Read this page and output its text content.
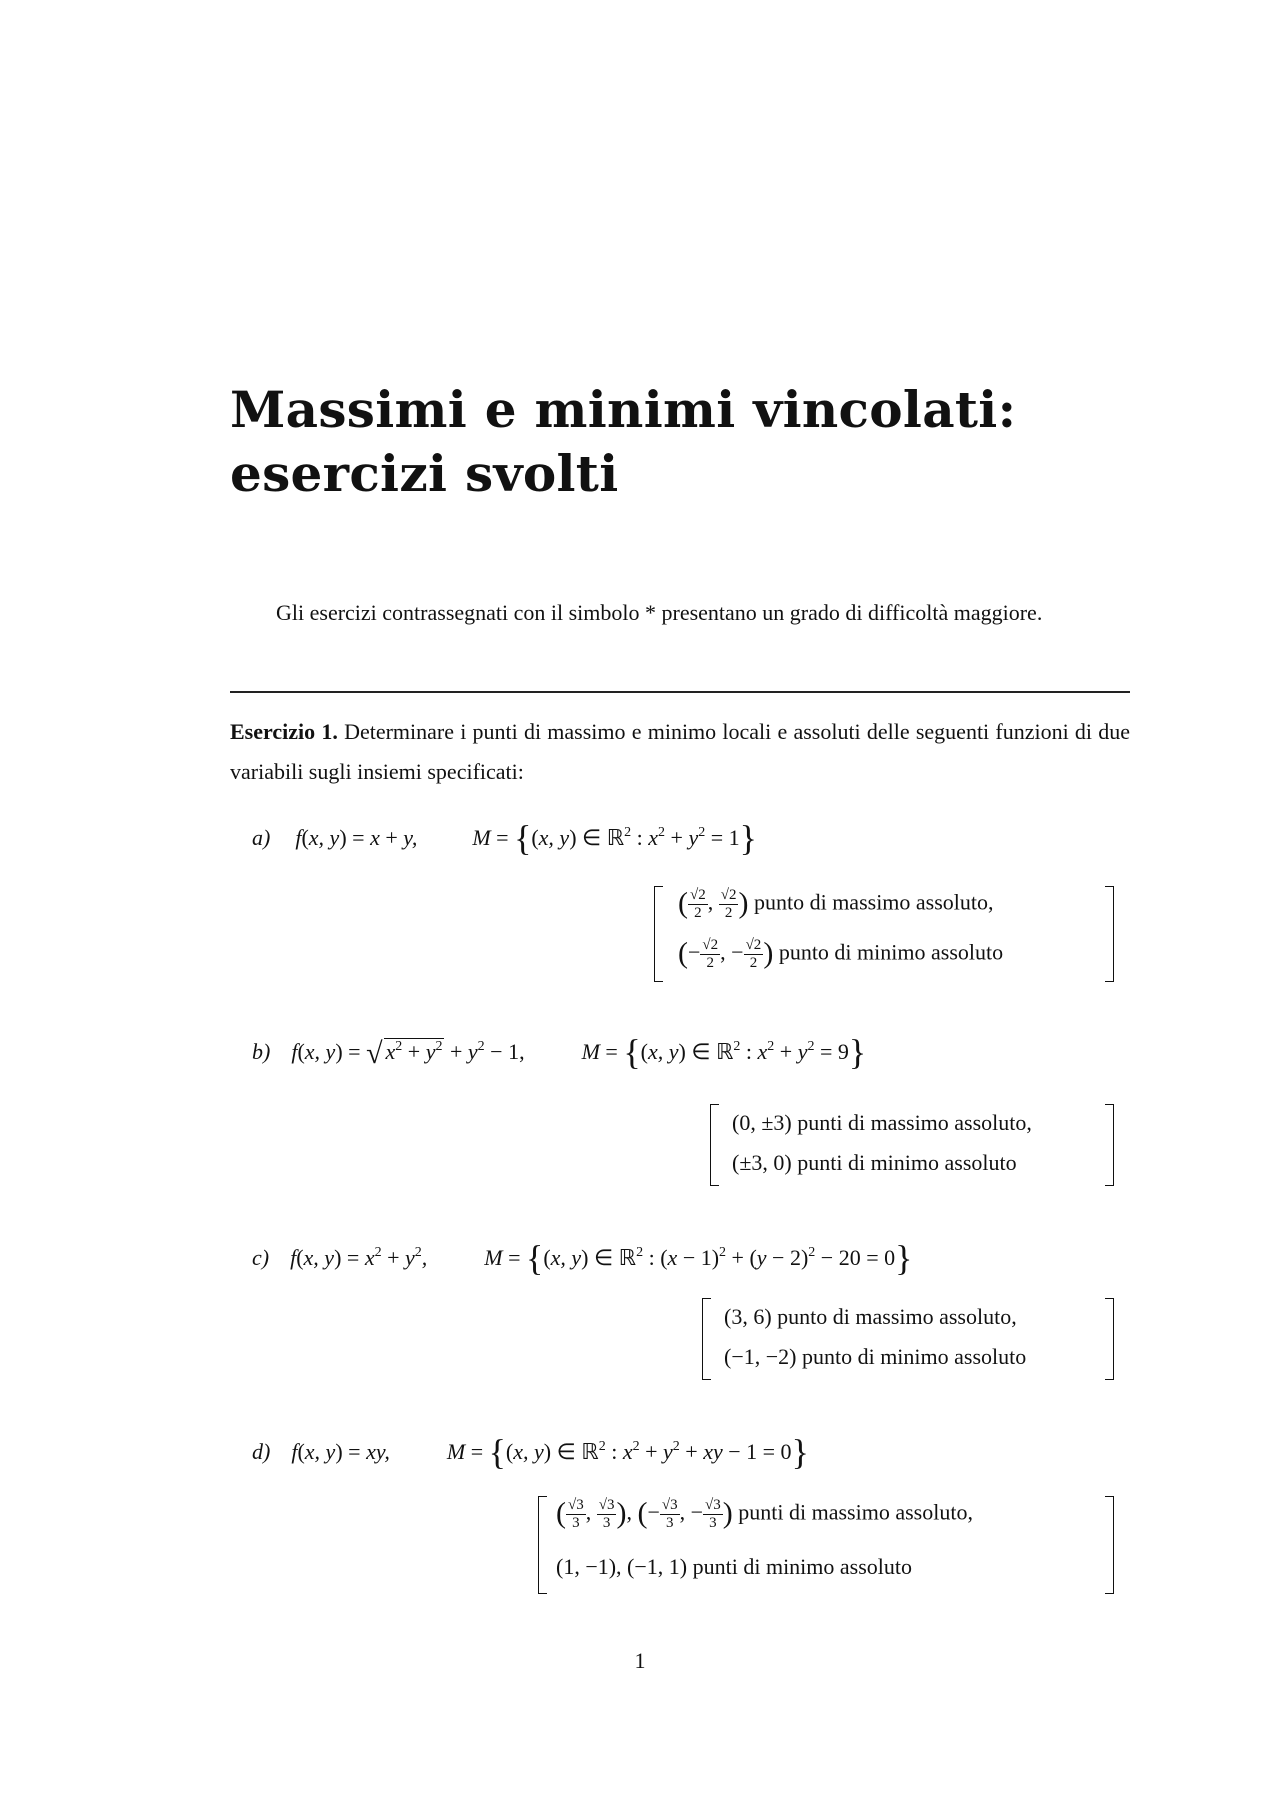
Massimi e minimi vincolati:
esercizi svolti
Gli esercizi contrassegnati con il simbolo * presentano un grado di difficoltà maggiore.
Esercizio 1. Determinare i punti di massimo e minimo locali e assoluti delle seguenti funzioni di due variabili sugli insiemi specificati:
a) f(x, y) = x + y,	M = {(x, y) ∈ ℝ$^2$ : $x^2 + y^2 = 1$}
( $\frac{√2}{2}$ , $\frac{√2}{2}$ ) punto di massimo assoluto,
(− $\frac{√2}{2}$ , − $\frac{√2}{2}$ ) punto di minimo assoluto
b) f(x, y) = √ $x^2 + y^2 + y^2 - 1$,	M = {(x, y) ∈ ℝ$^2$ : $x^2 + y^2 = 9$}
(0, ±3) punti di massimo assoluto,
(±3, 0) punti di minimo assoluto
c) f(x, $y) = x^2 + y^2$,	M = {(x, y) ∈ ℝ$^2$ : $(x - 1)^2 + (y - 2)^2 - 20 = 0$}
(3, 6) punto di massimo assoluto,
(−1, −2) punto di minimo assoluto
d) f(x, y) = xy,	M = {(x, y) ∈ ℝ$^2$ : $x^2 + y^2$ + xy − 1 = 0}
( $\frac{√3}{3}$ , $\frac{√3}{3}$ ), (− $\frac{√3}{3}$ , − $\frac{√3}{3}$ ) punti di massimo assoluto,
(1, −1), (−1, 1) punti di minimo assoluto
1
